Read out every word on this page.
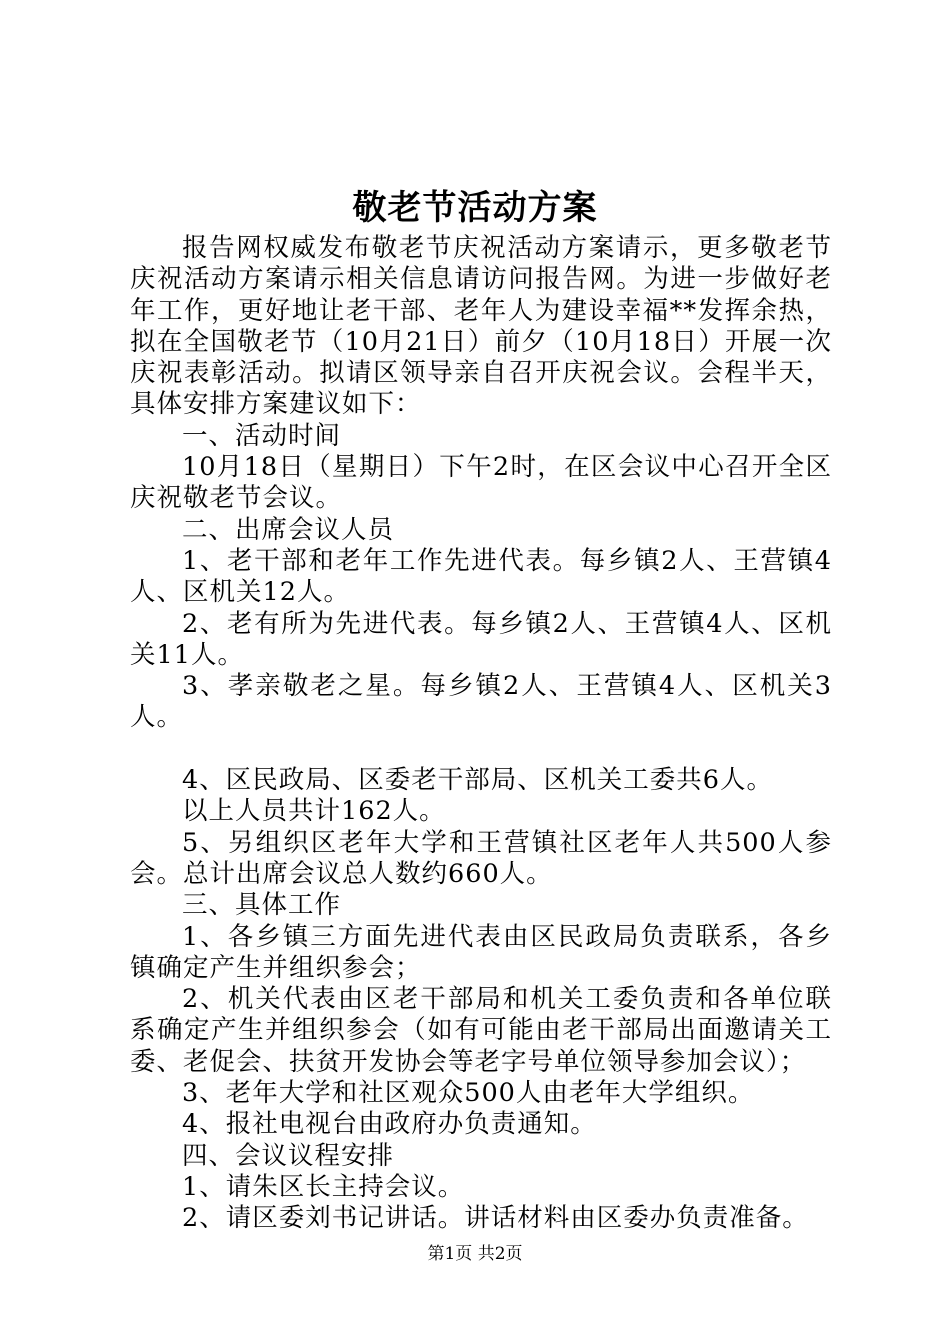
敬老节活动方案

报告网权威发布敬老节庆祝活动方案请示，更多敬老节庆祝活动方案请示相关信息请访问报告网。为进一步做好老年工作，更好地让老干部、老年人为建设幸福**发挥余热，拟在全国敬老节（10月21日）前夕（10月18日）开展一次庆祝表彰活动。拟请区领导亲自召开庆祝会议。会程半天，具体安排方案建议如下：

一、活动时间

10月18日（星期日）下午2时，在区会议中心召开全区庆祝敬老节会议。

二、出席会议人员

1、老干部和老年工作先进代表。每乡镇2人、王营镇4人、区机关12人。

2、老有所为先进代表。每乡镇2人、王营镇4人、区机关11人。

3、孝亲敬老之星。每乡镇2人、王营镇4人、区机关3人。

4、区民政局、区委老干部局、区机关工委共6人。

以上人员共计162人。

5、另组织区老年大学和王营镇社区老年人共500人参会。总计出席会议总人数约660人。

三、具体工作

1、各乡镇三方面先进代表由区民政局负责联系，各乡镇确定产生并组织参会；

2、机关代表由区老干部局和机关工委负责和各单位联系确定产生并组织参会（如有可能由老干部局出面邀请关工委、老促会、扶贫开发协会等老字号单位领导参加会议）；

3、老年大学和社区观众500人由老年大学组织。

4、报社电视台由政府办负责通知。

四、会议议程安排

1、请朱区长主持会议。

2、请区委刘书记讲话。讲话材料由区委办负责准备。

第1页 共2页
